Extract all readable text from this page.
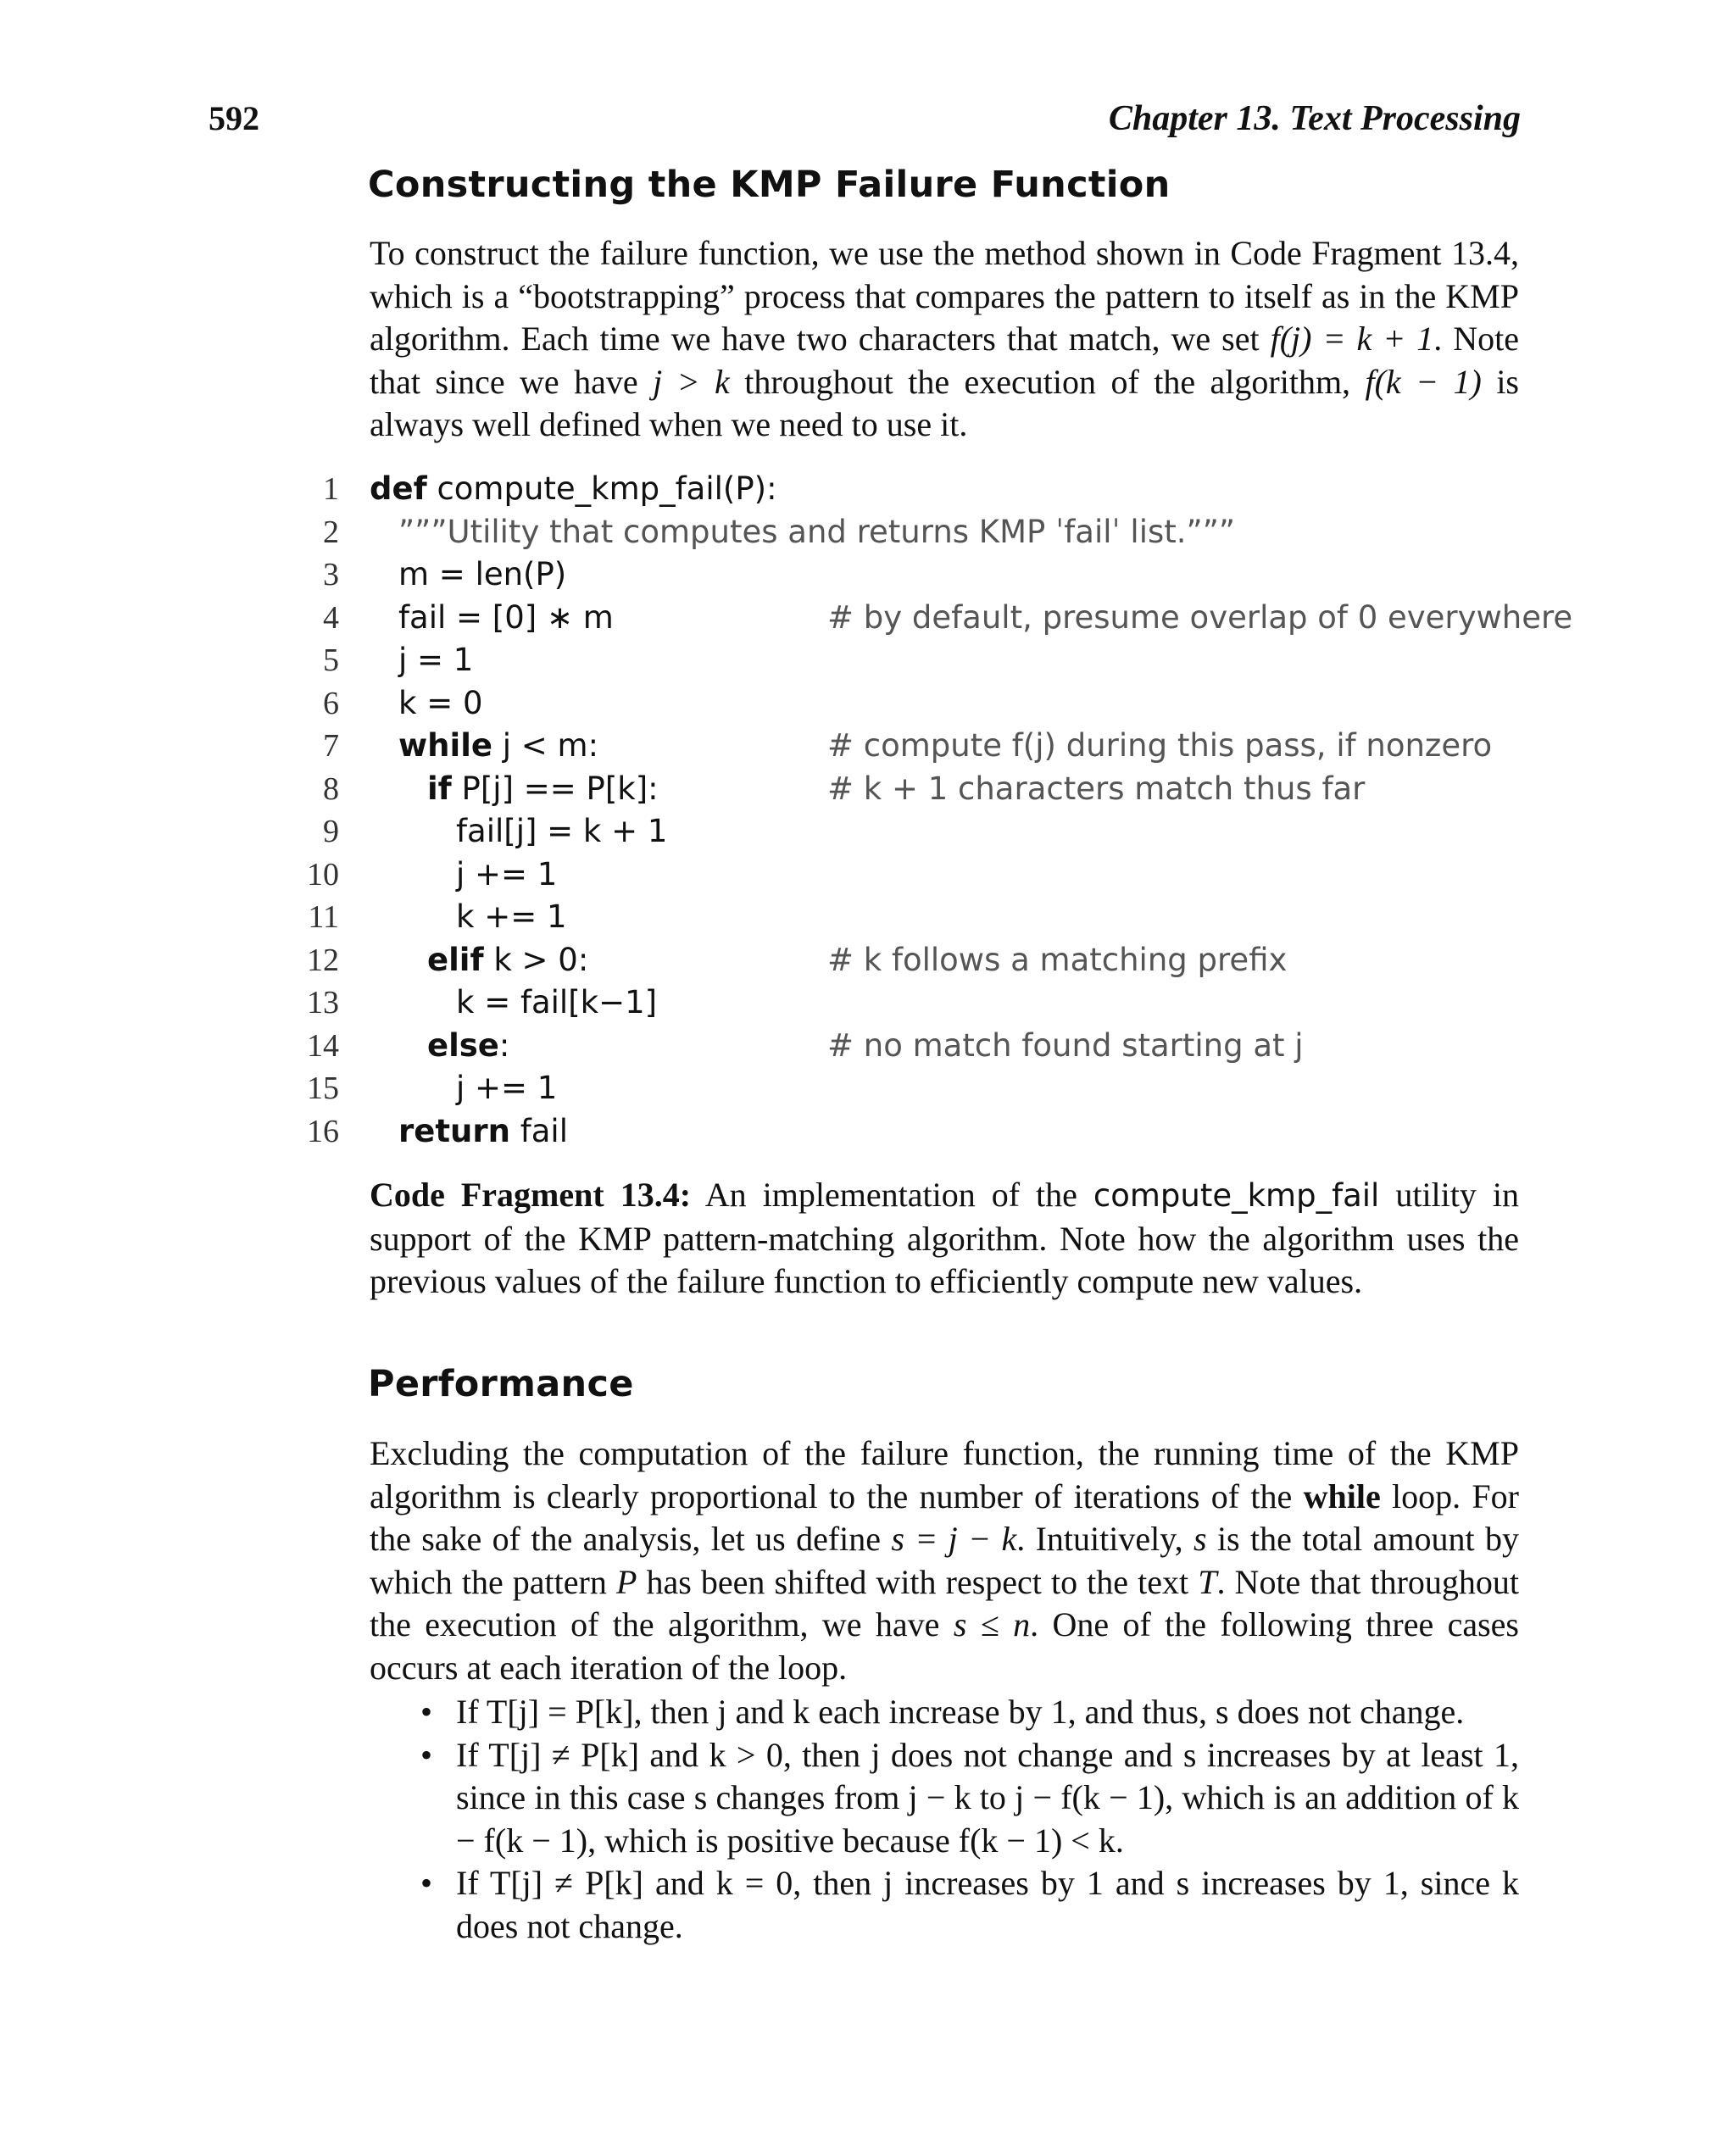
592	Chapter 13. Text Processing
Constructing the KMP Failure Function
To construct the failure function, we use the method shown in Code Fragment 13.4, which is a “bootstrapping” process that compares the pattern to itself as in the KMP algorithm. Each time we have two characters that match, we set f(j) = k + 1. Note that since we have j > k throughout the execution of the algorithm, f(k − 1) is always well defined when we need to use it.
1 def compute_kmp_fail(P):
2 ”””Utility that computes and returns KMP ˈfailˈ list.”””
3 m = len(P)
4 fail = [0] ∗ m	# by default, presume overlap of 0 everywhere
5 j = 1
6 k = 0
7 while j < m:	# compute f(j) during this pass, if nonzero
8	if P[j] == P[k]:	# k + 1 characters match thus far
9	fail[j] = k + 1
10	j += 1
11	k += 1
12	elif k > 0:	# k follows a matching prefix
13	k = fail[k−1]
14	else:	# no match found starting at j
15	j += 1
16 return fail
Code Fragment 13.4: An implementation of the compute_kmp_fail utility in support of the KMP pattern-matching algorithm. Note how the algorithm uses the previous values of the failure function to efficiently compute new values.
Performance
Excluding the computation of the failure function, the running time of the KMP algorithm is clearly proportional to the number of iterations of the while loop. For the sake of the analysis, let us define s = j − k. Intuitively, s is the total amount by which the pattern P has been shifted with respect to the text T. Note that throughout the execution of the algorithm, we have s ≤ n. One of the following three cases occurs at each iteration of the loop.
• If T[j] = P[k], then j and k each increase by 1, and thus, s does not change.
• If T[j] ≠ P[k] and k > 0, then j does not change and s increases by at least 1, since in this case s changes from j − k to j − f(k − 1), which is an addition of k − f(k − 1), which is positive because f(k − 1) < k.
• If T[j] ≠ P[k] and k = 0, then j increases by 1 and s increases by 1, since k does not change.
